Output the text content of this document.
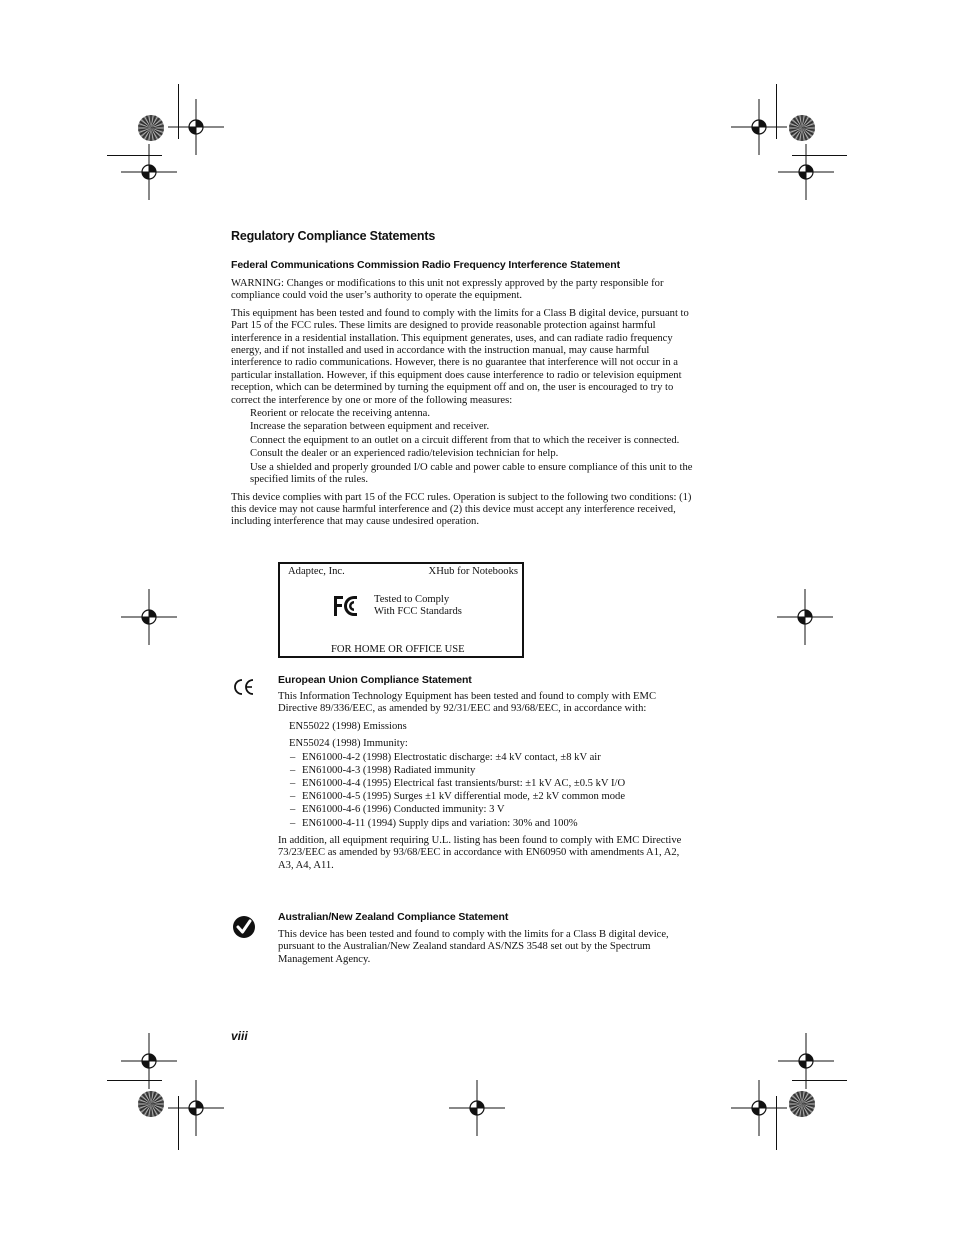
Regulatory Compliance Statements
Federal Communications Commission Radio Frequency Interference Statement

WARNING: Changes or modifications to this unit not expressly approved by the party responsible for compliance could void the user’s authority to operate the equipment.

This equipment has been tested and found to comply with the limits for a Class B digital device, pursuant to Part 15 of the FCC rules. These limits are designed to provide reasonable protection against harmful interference in a residential installation. This equipment generates, uses, and can radiate radio frequency energy, and if not installed and used in accordance with the instruction manual, may cause harmful interference to radio communications. However, there is no guarantee that interference will not occur in a particular installation. However, if this equipment does cause interference to radio or television equipment reception, which can be determined by turning the equipment off and on, the user is encouraged to try to correct the interference by one or more of the following measures:

Reorient or relocate the receiving antenna.

Increase the separation between equipment and receiver.

Connect the equipment to an outlet on a circuit different from that to which the receiver is connected.

Consult the dealer or an experienced radio/television technician for help.

Use a shielded and properly grounded I/O cable and power cable to ensure compliance of this unit to the specified limits of the rules.

This device complies with part 15 of the FCC rules. Operation is subject to the following two conditions: (1) this device may not cause harmful interference and (2) this device must accept any interference received, including interference that may cause undesired operation.

Adaptec, Inc.	XHub for Notebooks
Tested to Comply
With FCC Standards
FOR HOME OR OFFICE USE
European Union Compliance Statement

This Information Technology Equipment has been tested and found to comply with EMC Directive 89/336/EEC, as amended by 92/31/EEC and 93/68/EEC, in accordance with:

EN55022 (1998) Emissions

EN55024 (1998) Immunity:

– EN61000-4-2 (1998) Electrostatic discharge: ±4 kV contact, ±8 kV air
– EN61000-4-3 (1998) Radiated immunity
– EN61000-4-4 (1995) Electrical fast transients/burst: ±1 kV AC, ±0.5 kV I/O
– EN61000-4-5 (1995) Surges ±1 kV differential mode, ±2 kV common mode
– EN61000-4-6 (1996) Conducted immunity: 3 V
– EN61000-4-11 (1994) Supply dips and variation: 30% and 100%

In addition, all equipment requiring U.L. listing has been found to comply with EMC Directive 73/23/EEC as amended by 93/68/EEC in accordance with EN60950 with amendments A1, A2, A3, A4, A11.

Australian/New Zealand Compliance Statement

This device has been tested and found to comply with the limits for a Class B digital device, pursuant to the Australian/New Zealand standard AS/NZS 3548 set out by the Spectrum Management Agency.

viii
